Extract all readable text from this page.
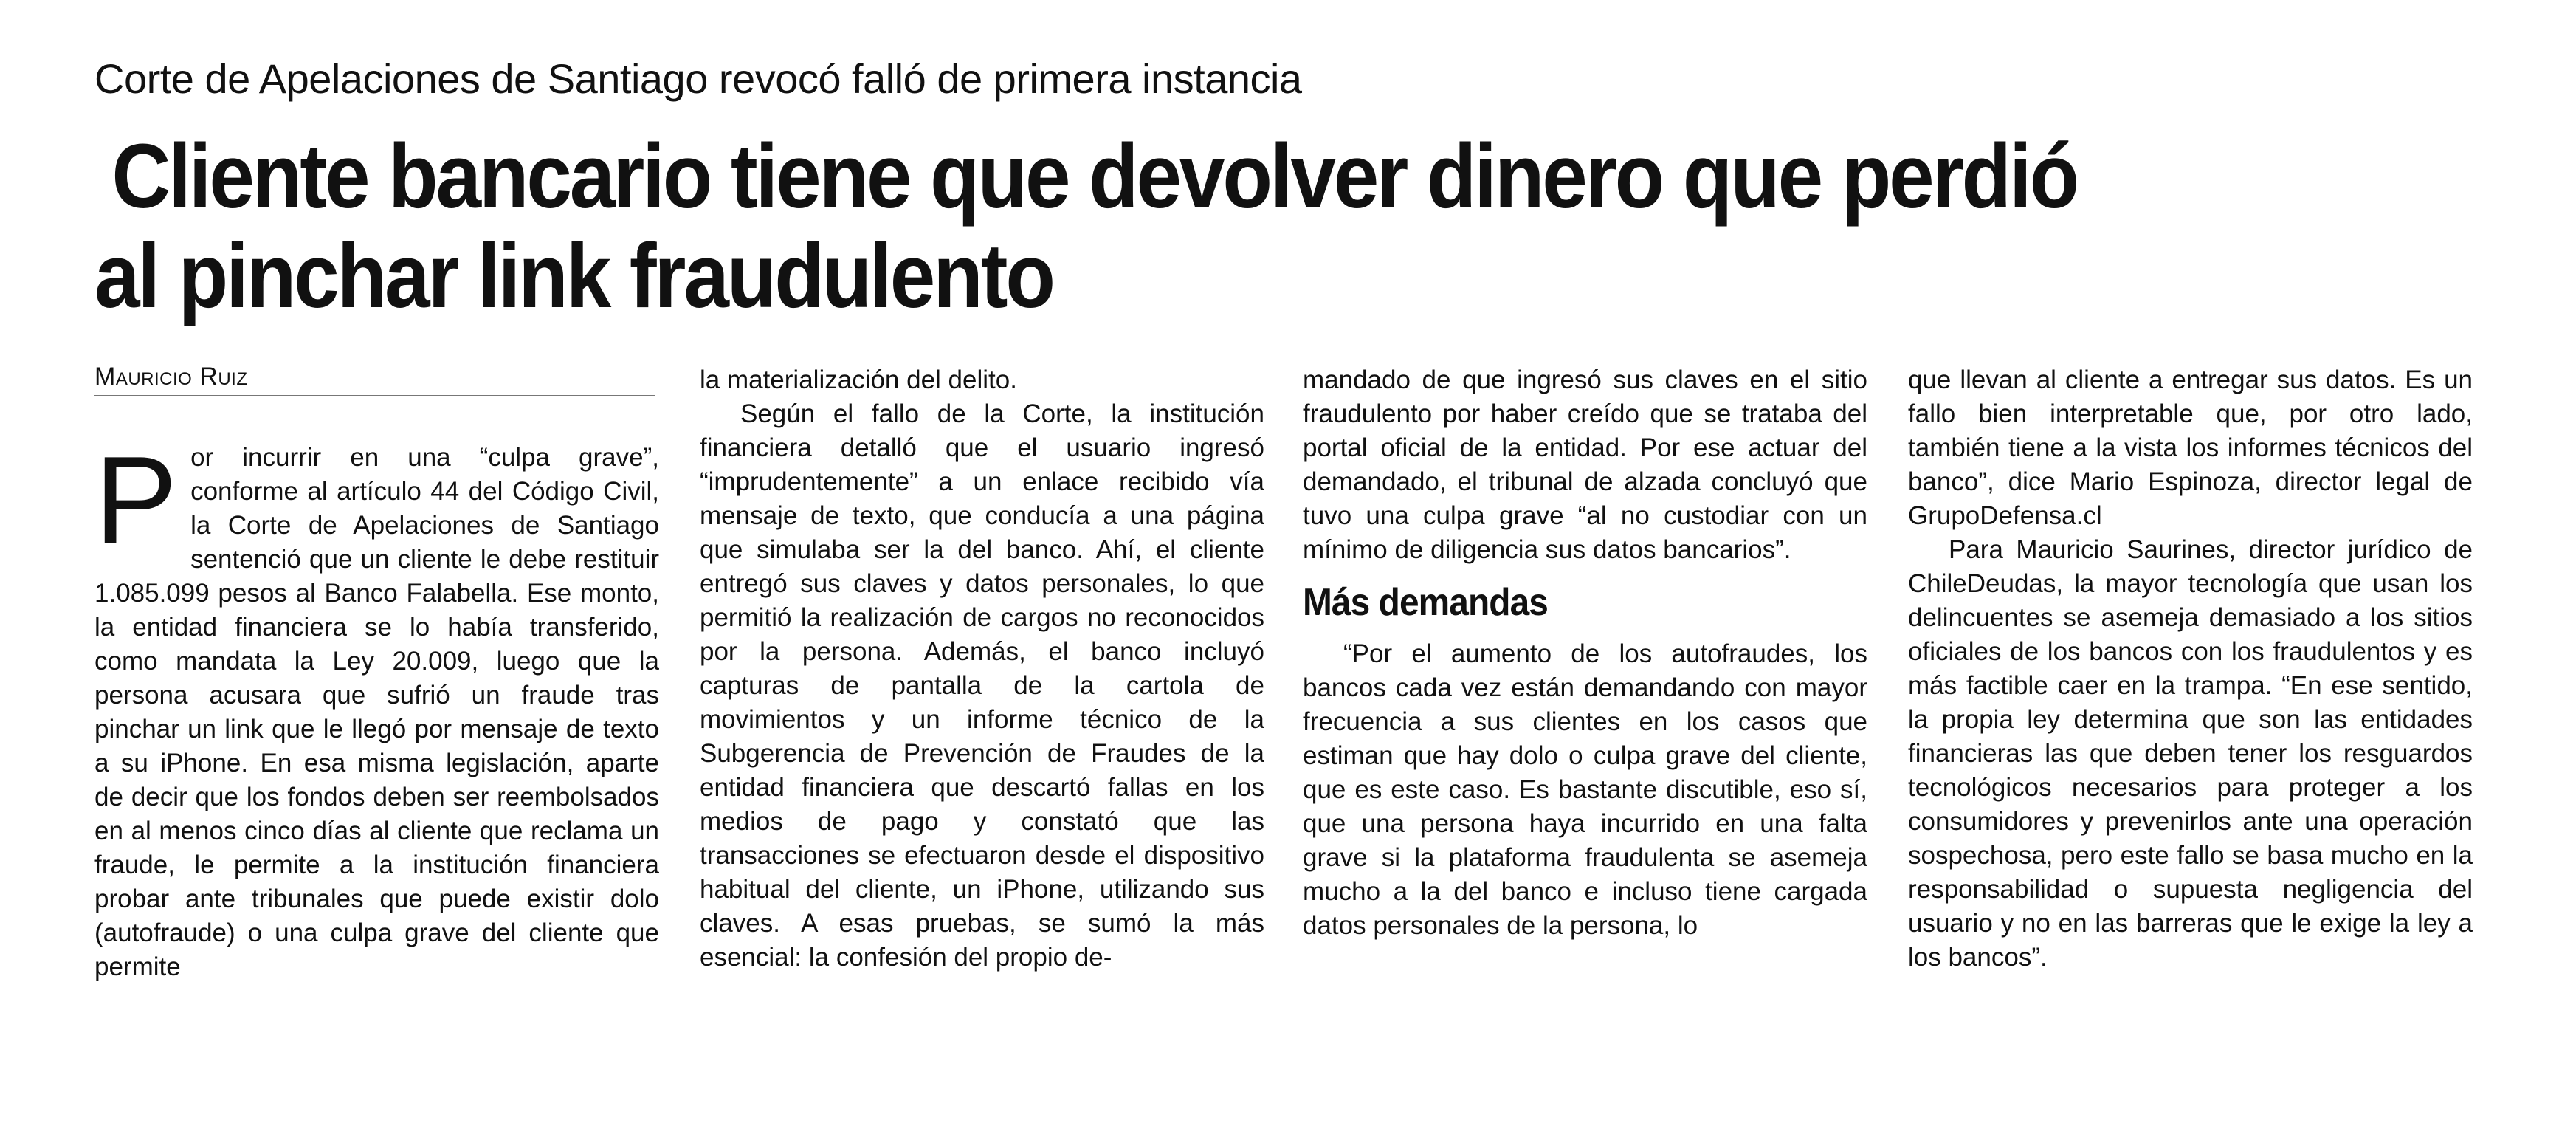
Corte de Apelaciones de Santiago revocó falló de primera instancia
Cliente bancario tiene que devolver dinero que perdió
al pinchar link fraudulento
Mauricio Ruiz

Por incurrir en una “culpa grave”, conforme al artículo 44 del Código Civil, la Corte de Apelaciones de Santiago sentenció que un cliente le debe restituir 1.085.099 pesos al Banco Falabella. Ese monto, la entidad financiera se lo había transferido, como mandata la Ley 20.009, luego que la persona acusara que sufrió un fraude tras pinchar un link que le llegó por mensaje de texto a su iPhone. En esa misma legislación, aparte de decir que los fondos deben ser reembolsados en al menos cinco días al cliente que reclama un fraude, le permite a la institución financiera probar ante tribunales que puede existir dolo (autofraude) o una culpa grave del cliente que permite

la materialización del delito.

Según el fallo de la Corte, la institución financiera detalló que el usuario ingresó “imprudentemente” a un enlace recibido vía mensaje de texto, que conducía a una página que simulaba ser la del banco. Ahí, el cliente entregó sus claves y datos personales, lo que permitió la realización de cargos no reconocidos por la persona. Además, el banco incluyó capturas de pantalla de la cartola de movimientos y un informe técnico de la Subgerencia de Prevención de Fraudes de la entidad financiera que descartó fallas en los medios de pago y constató que las transacciones se efectuaron desde el dispositivo habitual del cliente, un iPhone, utilizando sus claves. A esas pruebas, se sumó la más esencial: la confesión del propio de-

mandado de que ingresó sus claves en el sitio fraudulento por haber creído que se trataba del portal oficial de la entidad. Por ese actuar del demandado, el tribunal de alzada concluyó que tuvo una culpa grave “al no custodiar con un mínimo de diligencia sus datos bancarios”.

Más demandas

“Por el aumento de los autofraudes, los bancos cada vez están demandando con mayor frecuencia a sus clientes en los casos que estiman que hay dolo o culpa grave del cliente, que es este caso. Es bastante discutible, eso sí, que una persona haya incurrido en una falta grave si la plataforma fraudulenta se asemeja mucho a la del banco e incluso tiene cargada datos personales de la persona, lo

que llevan al cliente a entregar sus datos. Es un fallo bien interpretable que, por otro lado, también tiene a la vista los informes técnicos del banco”, dice Mario Espinoza, director legal de GrupoDefensa.cl

Para Mauricio Saurines, director jurídico de ChileDeudas, la mayor tecnología que usan los delincuentes se asemeja demasiado a los sitios oficiales de los bancos con los fraudulentos y es más factible caer en la trampa. “En ese sentido, la propia ley determina que son las entidades financieras las que deben tener los resguardos tecnológicos necesarios para proteger a los consumidores y prevenirlos ante una operación sospechosa, pero este fallo se basa mucho en la responsabilidad o supuesta negligencia del usuario y no en las barreras que le exige la ley a los bancos”.
